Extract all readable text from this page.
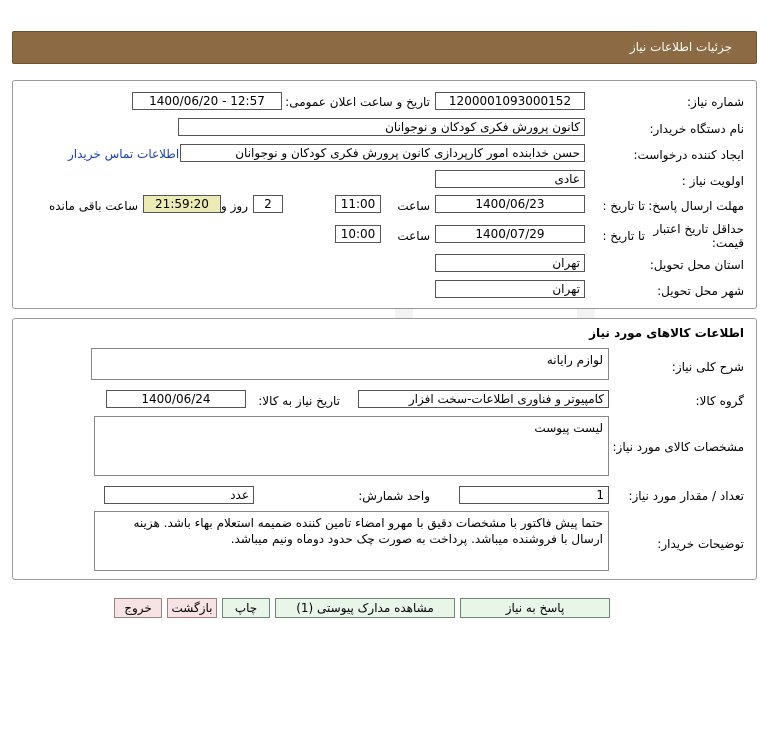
جزئيات اطلاعات نياز
شماره نياز:
1200001093000152
تاريخ و ساعت اعلان عمومی:
1400/06/20 - 12:57
نام دستگاه خريدار:
کانون پرورش فکری کودکان و نوجوانان
ايجاد کننده درخواست:
حسن خدابنده امور کارپردازی کانون پرورش فکری کودکان و نوجوانان
اطلاعات تماس خريدار
اولويت نياز :
عادی
مهلت ارسال پاسخ:
تا تاريخ :
1400/06/23
ساعت
11:00
2
روز و
21:59:20
ساعت باقی مانده
حداقل تاريخ اعتبار
قيمت:
تا تاريخ :
1400/07/29
ساعت
10:00
استان محل تحويل:
تهران
شهر محل تحويل:
تهران
اطلاعات کالاهای مورد نياز
شرح کلی نياز:
لوازم رايانه
گروه کالا:
کامپيوتر و فناوری اطلاعات-سخت افزار
تاريخ نياز به کالا:
1400/06/24
مشخصات کالای مورد نياز:
ليست پيوست
تعداد / مقدار مورد نياز:
1
واحد شمارش:
عدد
توضيحات خريدار:
حتما پيش فاکتور با مشخصات دقيق با مهرو امضاء تامين کننده ضميمه استعلام بهاء باشد. هزينه ارسال با فروشنده ميباشد. پرداخت به صورت چک حدود دوماه ونيم ميباشد.
پاسخ به نياز
مشاهده مدارک پيوستی (1)
چاپ
بازگشت
خروج
